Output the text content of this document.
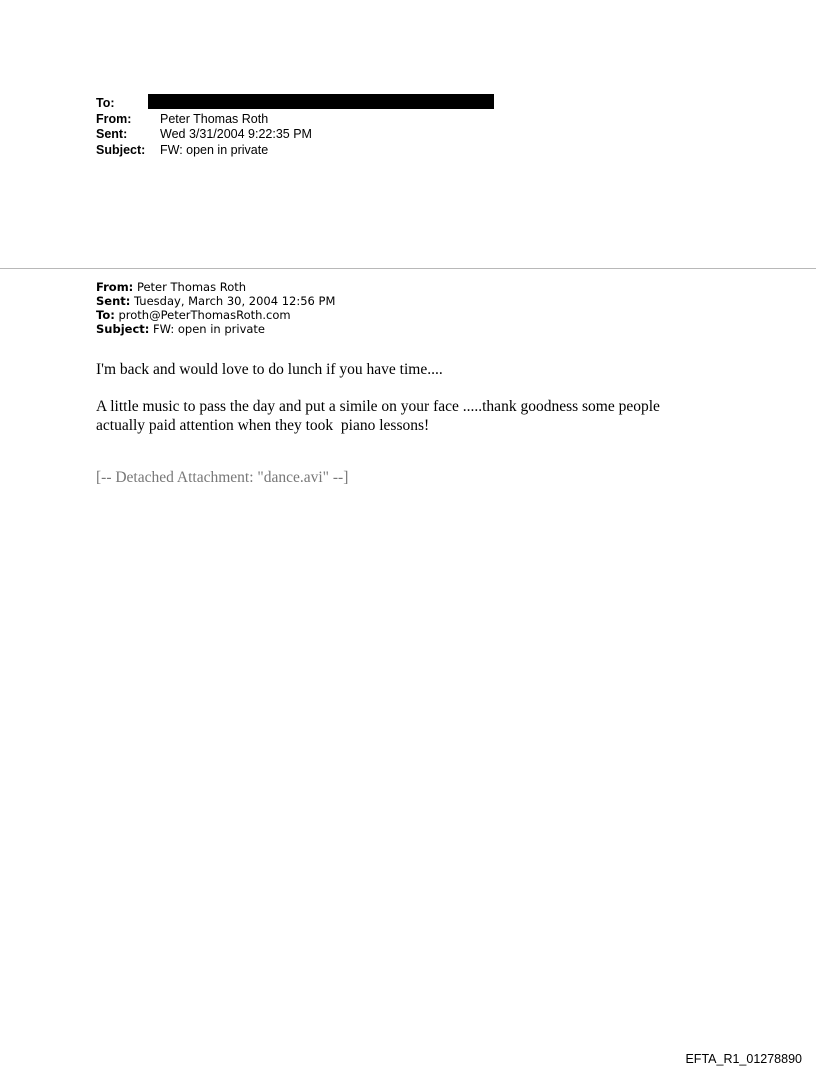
To:
From:	Peter Thomas Roth
Sent:	Wed 3/31/2004 9:22:35 PM
Subject:	FW: open in private
From: Peter Thomas Roth
Sent: Tuesday, March 30, 2004 12:56 PM
To: proth@PeterThomasRoth.com
Subject: FW: open in private
I'm back and would love to do lunch if you have time....
A little music to pass the day and put a simile on your face .....thank goodness some people
actually paid attention when they took  piano lessons!
[-- Detached Attachment: "dance.avi" --]
EFTA_R1_01278890
